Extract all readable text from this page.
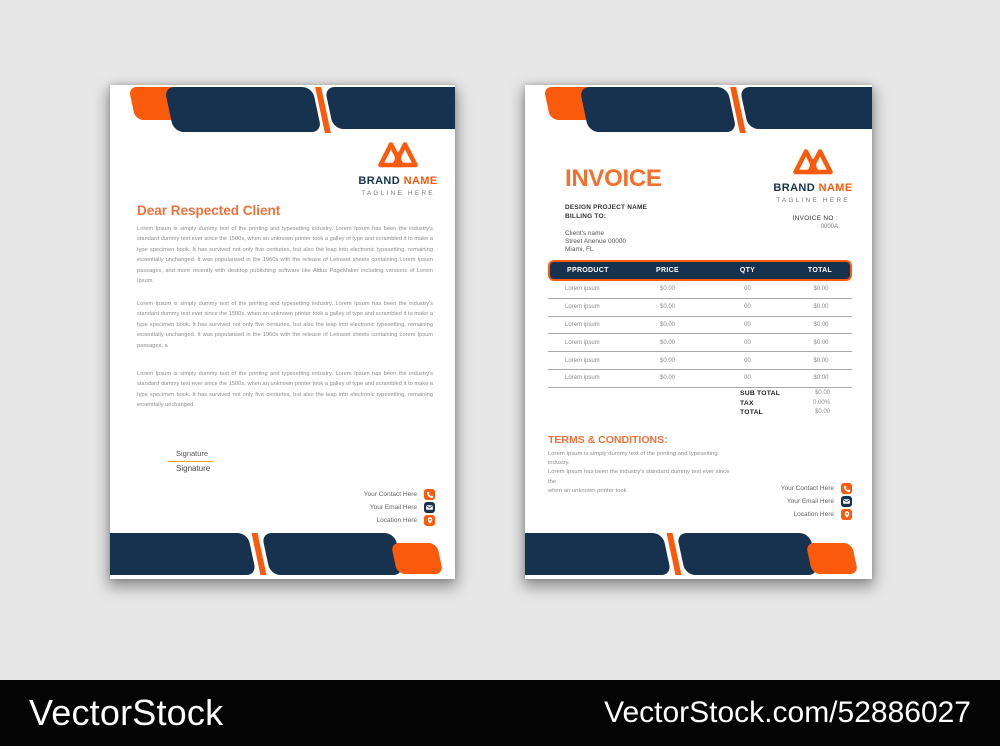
BRAND NAME
TAGLINE HERE
Dear Respected Client

Lorem Ipsum is simply dummy text of the printing and typesetting industry. Lorem Ipsum has been the industry's standard dummy text ever since the 1500s, when an unknown printer took a galley of type and scrambled it to make a type specimen book. It has survived not only five centuries, but also the leap into electronic typesetting, remaining essentially unchanged. It was popularised in the 1960s with the release of Letraset sheets containing Lorem Ipsum passages, and more recently with desktop publishing software like Aldus PageMaker including versions of Lorem Ipsum.

Lorem Ipsum is simply dummy text of the printing and typesetting industry. Lorem Ipsum has been the industry's standard dummy text ever since the 1500s, when an unknown printer took a galley of type and scrambled it to make a type specimen book. It has survived not only five centuries, but also the leap into electronic typesetting, remaining essentially unchanged. It was popularised in the 1960s with the release of Letraset sheets containing Lorem Ipsum passages, a

Lorem Ipsum is simply dummy text of the printing and typesetting industry. Lorem Ipsum has been the industry's standard dummy text ever since the 1500s, when an unknown printer took a galley of type and scrambled it to make a type specimen book. It has survived not only five centuries, but also the leap into electronic typesetting, remaining essentially unchanged.

Signature
Signature
Your Contact Here
Your Email Here
Location Here
BRAND NAME
TAGLINE HERE
INVOICE
DESIGN PROJECT NAME
BILLING TO:
Client's name
Street Anenue 00000
Miami, FL
INVOICE NO :
0000A
PPRODUCT	PRICE	QTY	TOTAL
Lorem ipsum	$0.00	00	$0.00
Lorem ipsum	$0.00	00	$0.00
Lorem ipsum	$0.00	00	$0.00
Lorem ipsum	$0.00	00	$0.00
Lorem ipsum	$0.00	00	$0.00
Lorem ipsum	$0.00	00	$0.00
SUB TOTAL	$0.00
TAX	0.00%
TOTAL	$0.00
TERMS & CONDITIONS:
Lorem Ipsum is simply dummy text of the printing and typesetting industry.
Lorem Ipsum has been the industry's standard dummy text ever since the
when an unknown printer took	Your Contact Here
Your Email Here
Location Here
VectorStock	VectorStock.com/52886027
